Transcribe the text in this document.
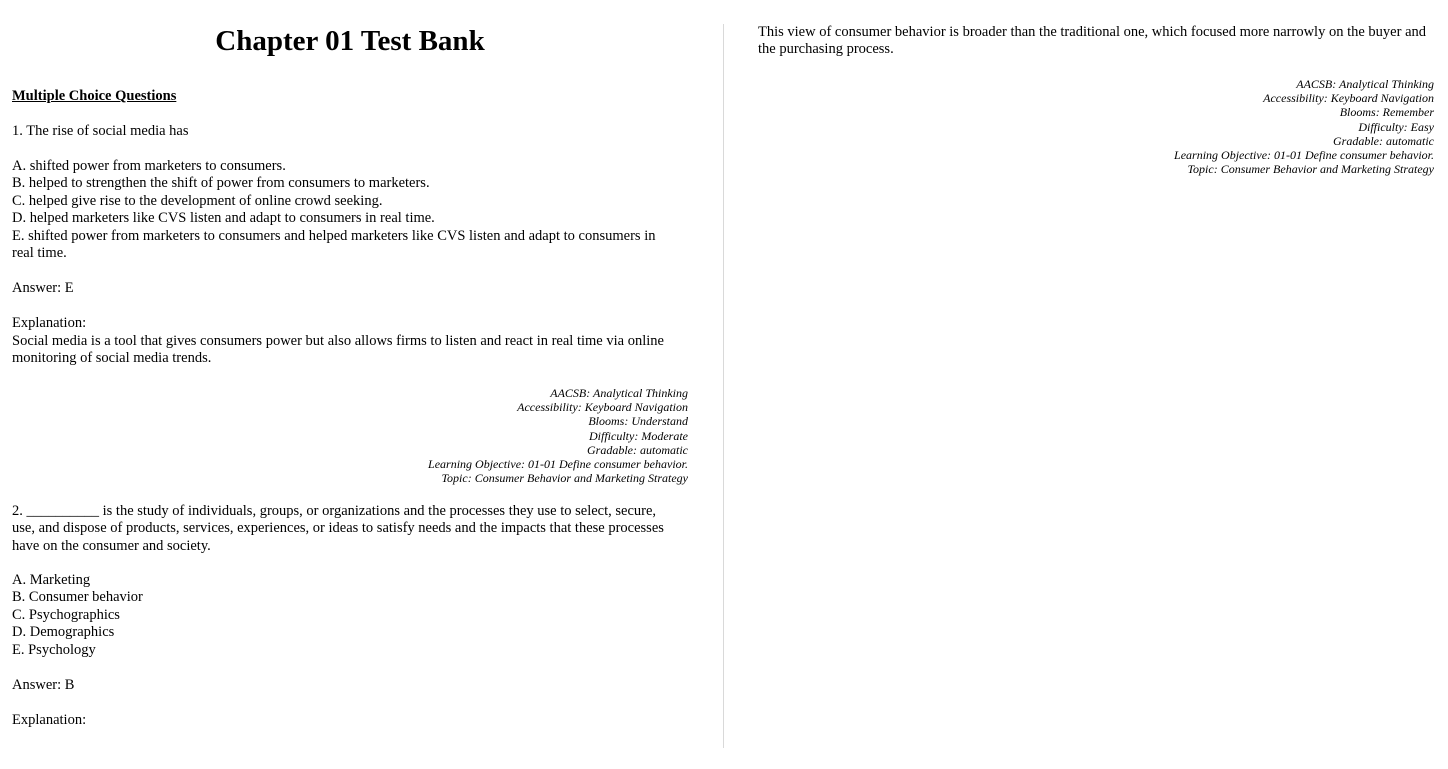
Chapter 01 Test Bank
Multiple Choice Questions
1. The rise of social media has
A. shifted power from marketers to consumers.
B. helped to strengthen the shift of power from consumers to marketers.
C. helped give rise to the development of online crowd seeking.
D. helped marketers like CVS listen and adapt to consumers in real time.
E. shifted power from marketers to consumers and helped marketers like CVS listen and adapt to consumers in real time.
Answer: E
Explanation:
Social media is a tool that gives consumers power but also allows firms to listen and react in real time via online monitoring of social media trends.
AACSB: Analytical Thinking
Accessibility: Keyboard Navigation
Blooms: Understand
Difficulty: Moderate
Gradable: automatic
Learning Objective: 01-01 Define consumer behavior.
Topic: Consumer Behavior and Marketing Strategy
2. __________ is the study of individuals, groups, or organizations and the processes they use to select, secure, use, and dispose of products, services, experiences, or ideas to satisfy needs and the impacts that these processes have on the consumer and society.
A. Marketing
B. Consumer behavior
C. Psychographics
D. Demographics
E. Psychology
Answer: B
Explanation:
This view of consumer behavior is broader than the traditional one, which focused more narrowly on the buyer and the purchasing process.
AACSB: Analytical Thinking
Accessibility: Keyboard Navigation
Blooms: Remember
Difficulty: Easy
Gradable: automatic
Learning Objective: 01-01 Define consumer behavior.
Topic: Consumer Behavior and Marketing Strategy
